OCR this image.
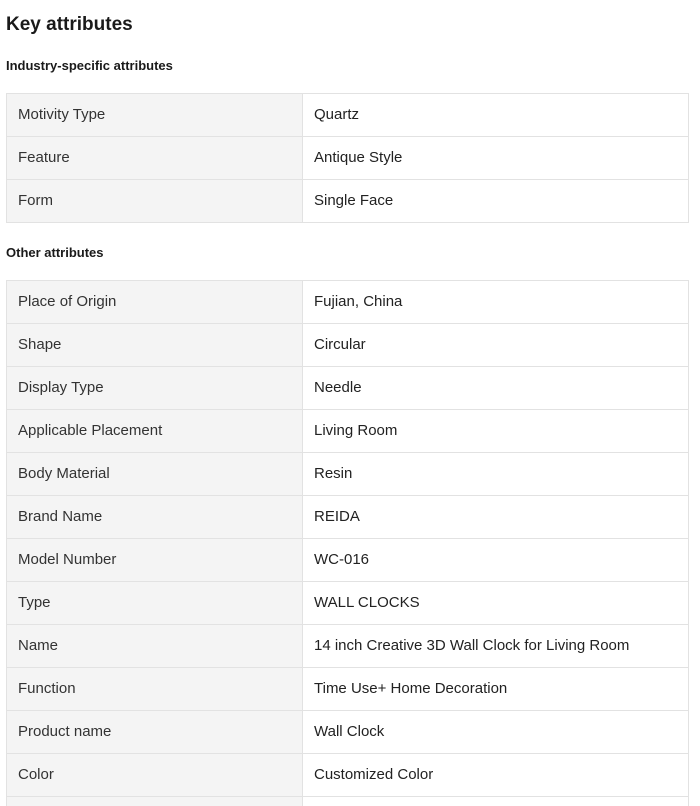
Key attributes
Industry-specific attributes
Motivity Type	Quartz
Feature	Antique Style
Form	Single Face
Other attributes
Place of Origin	Fujian, China
Shape	Circular
Display Type	Needle
Applicable Placement	Living Room
Body Material	Resin
Brand Name	REIDA
Model Number	WC-016
Type	WALL CLOCKS
Name	14 inch Creative 3D Wall Clock for Living Room
Function	Time Use+ Home Decoration
Product name	Wall Clock
Color	Customized Color
